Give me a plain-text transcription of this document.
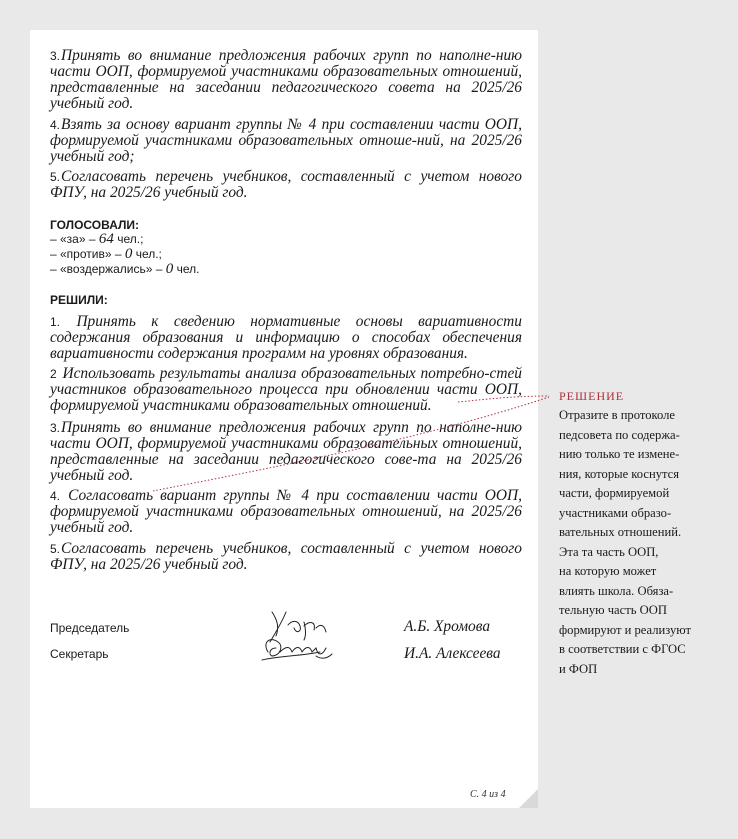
3.Принять во внимание предложения рабочих групп по наполне-нию части ООП, формируемой участниками образовательных отношений, представленные на заседании педагогического совета на 2025/26 учебный год.
4.Взять за основу вариант группы № 4 при составлении части ООП, формируемой участниками образовательных отноше-ний, на 2025/26 учебный год;
5.Согласовать перечень учебников, составленный с учетом нового ФПУ, на 2025/26 учебный год.
ГОЛОСОВАЛИ:
– «за» – 64 чел.;
– «против» – 0 чел.;
– «воздержались» – 0 чел.
РЕШИЛИ:
1. Принять к сведению нормативные основы вариативности содержания образования и информацию о способах обеспечения вариативности содержания программ на уровнях образования.
2 Использовать результаты анализа образовательных потребно-стей участников образовательного процесса при обновлении части ООП, формируемой участниками образовательных отношений.
3.Принять во внимание предложения рабочих групп по наполне-нию части ООП, формируемой участниками образовательных отношений, представленные на заседании педагогического сове-та на 2025/26 учебный год.
4. Согласовать вариант группы № 4 при составлении части ООП, формируемой участниками образовательных отношений, на 2025/26 учебный год.
5.Согласовать перечень учебников, составленный с учетом нового ФПУ, на 2025/26 учебный год.
Председатель
Секретарь
А.Б. Хромова
И.А. Алексеева
С. 4 из 4
РЕШЕНИЕ
Отразите в протоколе
педсовета по содержа-
нию только те измене-
ния, которые коснутся
части, формируемой
участниками образо-
вательных отношений.
Эта та часть ООП,
на которую может
влиять школа. Обяза-
тельную часть ООП
формируют и реализуют
в соответствии с ФГОС
и ФОП
